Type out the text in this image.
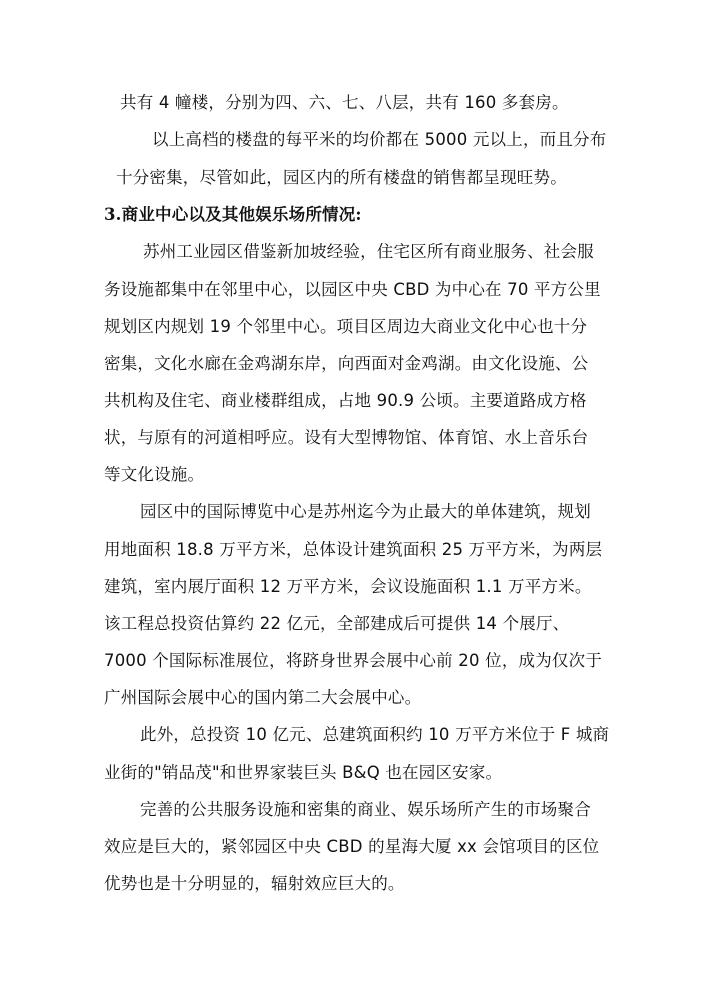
共有 4 幢楼，分别为四、六、七、八层，共有 160 多套房。
以上高档的楼盘的每平米的均价都在 5000 元以上，而且分布
十分密集，尽管如此，园区内的所有楼盘的销售都呈现旺势。
3.商业中心以及其他娱乐场所情况:
苏州工业园区借鉴新加坡经验，住宅区所有商业服务、社会服
务设施都集中在邻里中心，以园区中央 CBD 为中心在 70 平方公里
规划区内规划 19 个邻里中心。项目区周边大商业文化中心也十分
密集，文化水廊在金鸡湖东岸，向西面对金鸡湖。由文化设施、公
共机构及住宅、商业楼群组成，占地 90.9 公顷。主要道路成方格
状，与原有的河道相呼应。设有大型博物馆、体育馆、水上音乐台
等文化设施。
园区中的国际博览中心是苏州迄今为止最大的单体建筑，规划
用地面积 18.8 万平方米，总体设计建筑面积 25 万平方米，为两层
建筑，室内展厅面积 12 万平方米，会议设施面积 1.1 万平方米。
该工程总投资估算约 22 亿元，全部建成后可提供 14 个展厅、
7000 个国际标准展位，将跻身世界会展中心前 20 位，成为仅次于
广州国际会展中心的国内第二大会展中心。
此外，总投资 10 亿元、总建筑面积约 10 万平方米位于 F 城商
业街的"销品茂"和世界家装巨头 B&Q 也在园区安家。
完善的公共服务设施和密集的商业、娱乐场所产生的市场聚合
效应是巨大的，紧邻园区中央 CBD 的星海大厦 xx 会馆项目的区位
优势也是十分明显的，辐射效应巨大的。
